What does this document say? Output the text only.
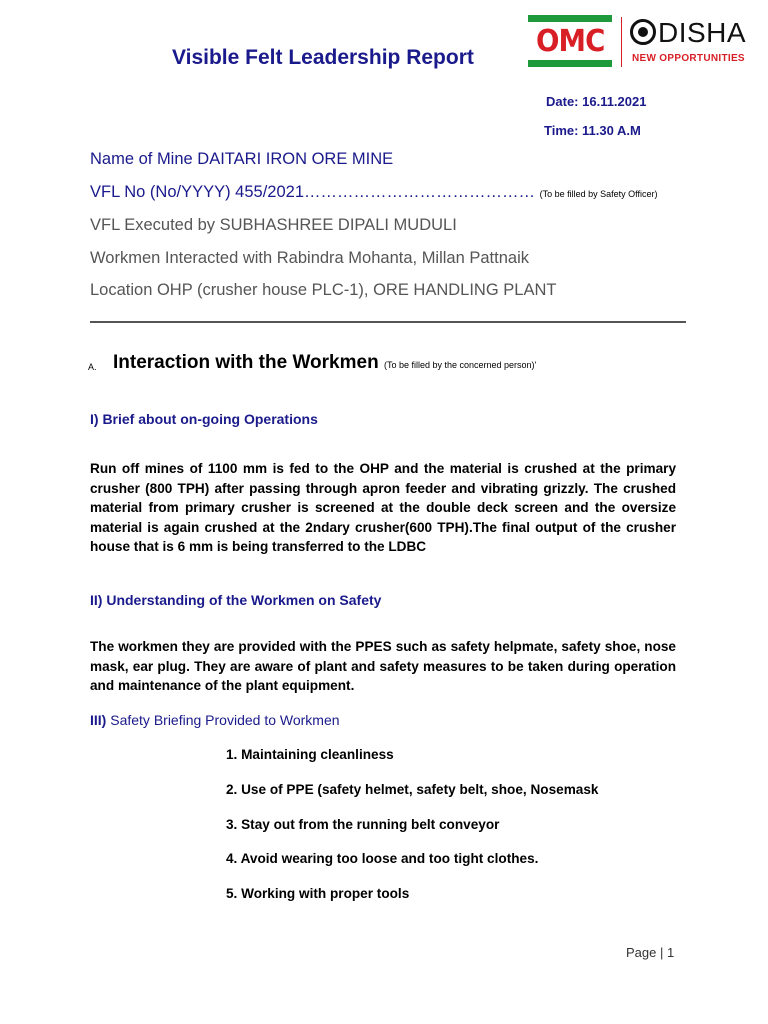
Visible Felt Leadership Report OMC DISHA
NEW OPPORTUNITIES
Date: 16.11.2021
Time: 11.30 A.M
Name of Mine DAITARI IRON ORE MINE
VFL No (No/YYYY) 455/2021…………………………………… (To be filled by Safety Officer)
VFL Executed by SUBHASHREE DIPALI MUDULI
Workmen Interacted with Rabindra Mohanta, Millan Pattnaik
Location OHP (crusher house PLC-1), ORE HANDLING PLANT
A. Interaction with the Workmen (To be filled by the concerned person)'
I) Brief about on-going Operations
Run off mines of 1100 mm is fed to the OHP and the material is crushed at the primary crusher (800 TPH) after passing through apron feeder and vibrating grizzly. The crushed material from primary crusher is screened at the double deck screen and the oversize material is again crushed at the 2ndary crusher(600 TPH).The final output of the crusher house that is 6 mm is being transferred to the LDBC
II) Understanding of the Workmen on Safety
The workmen they are provided with the PPES such as safety helpmate, safety shoe, nose mask, ear plug. They are aware of plant and safety measures to be taken during operation and maintenance of the plant equipment.
III) Safety Briefing Provided to Workmen
1. Maintaining cleanliness
2. Use of PPE (safety helmet, safety belt, shoe, Nosemask
3. Stay out from the running belt conveyor
4. Avoid wearing too loose and too tight clothes.
5. Working with proper tools
Page | 1
